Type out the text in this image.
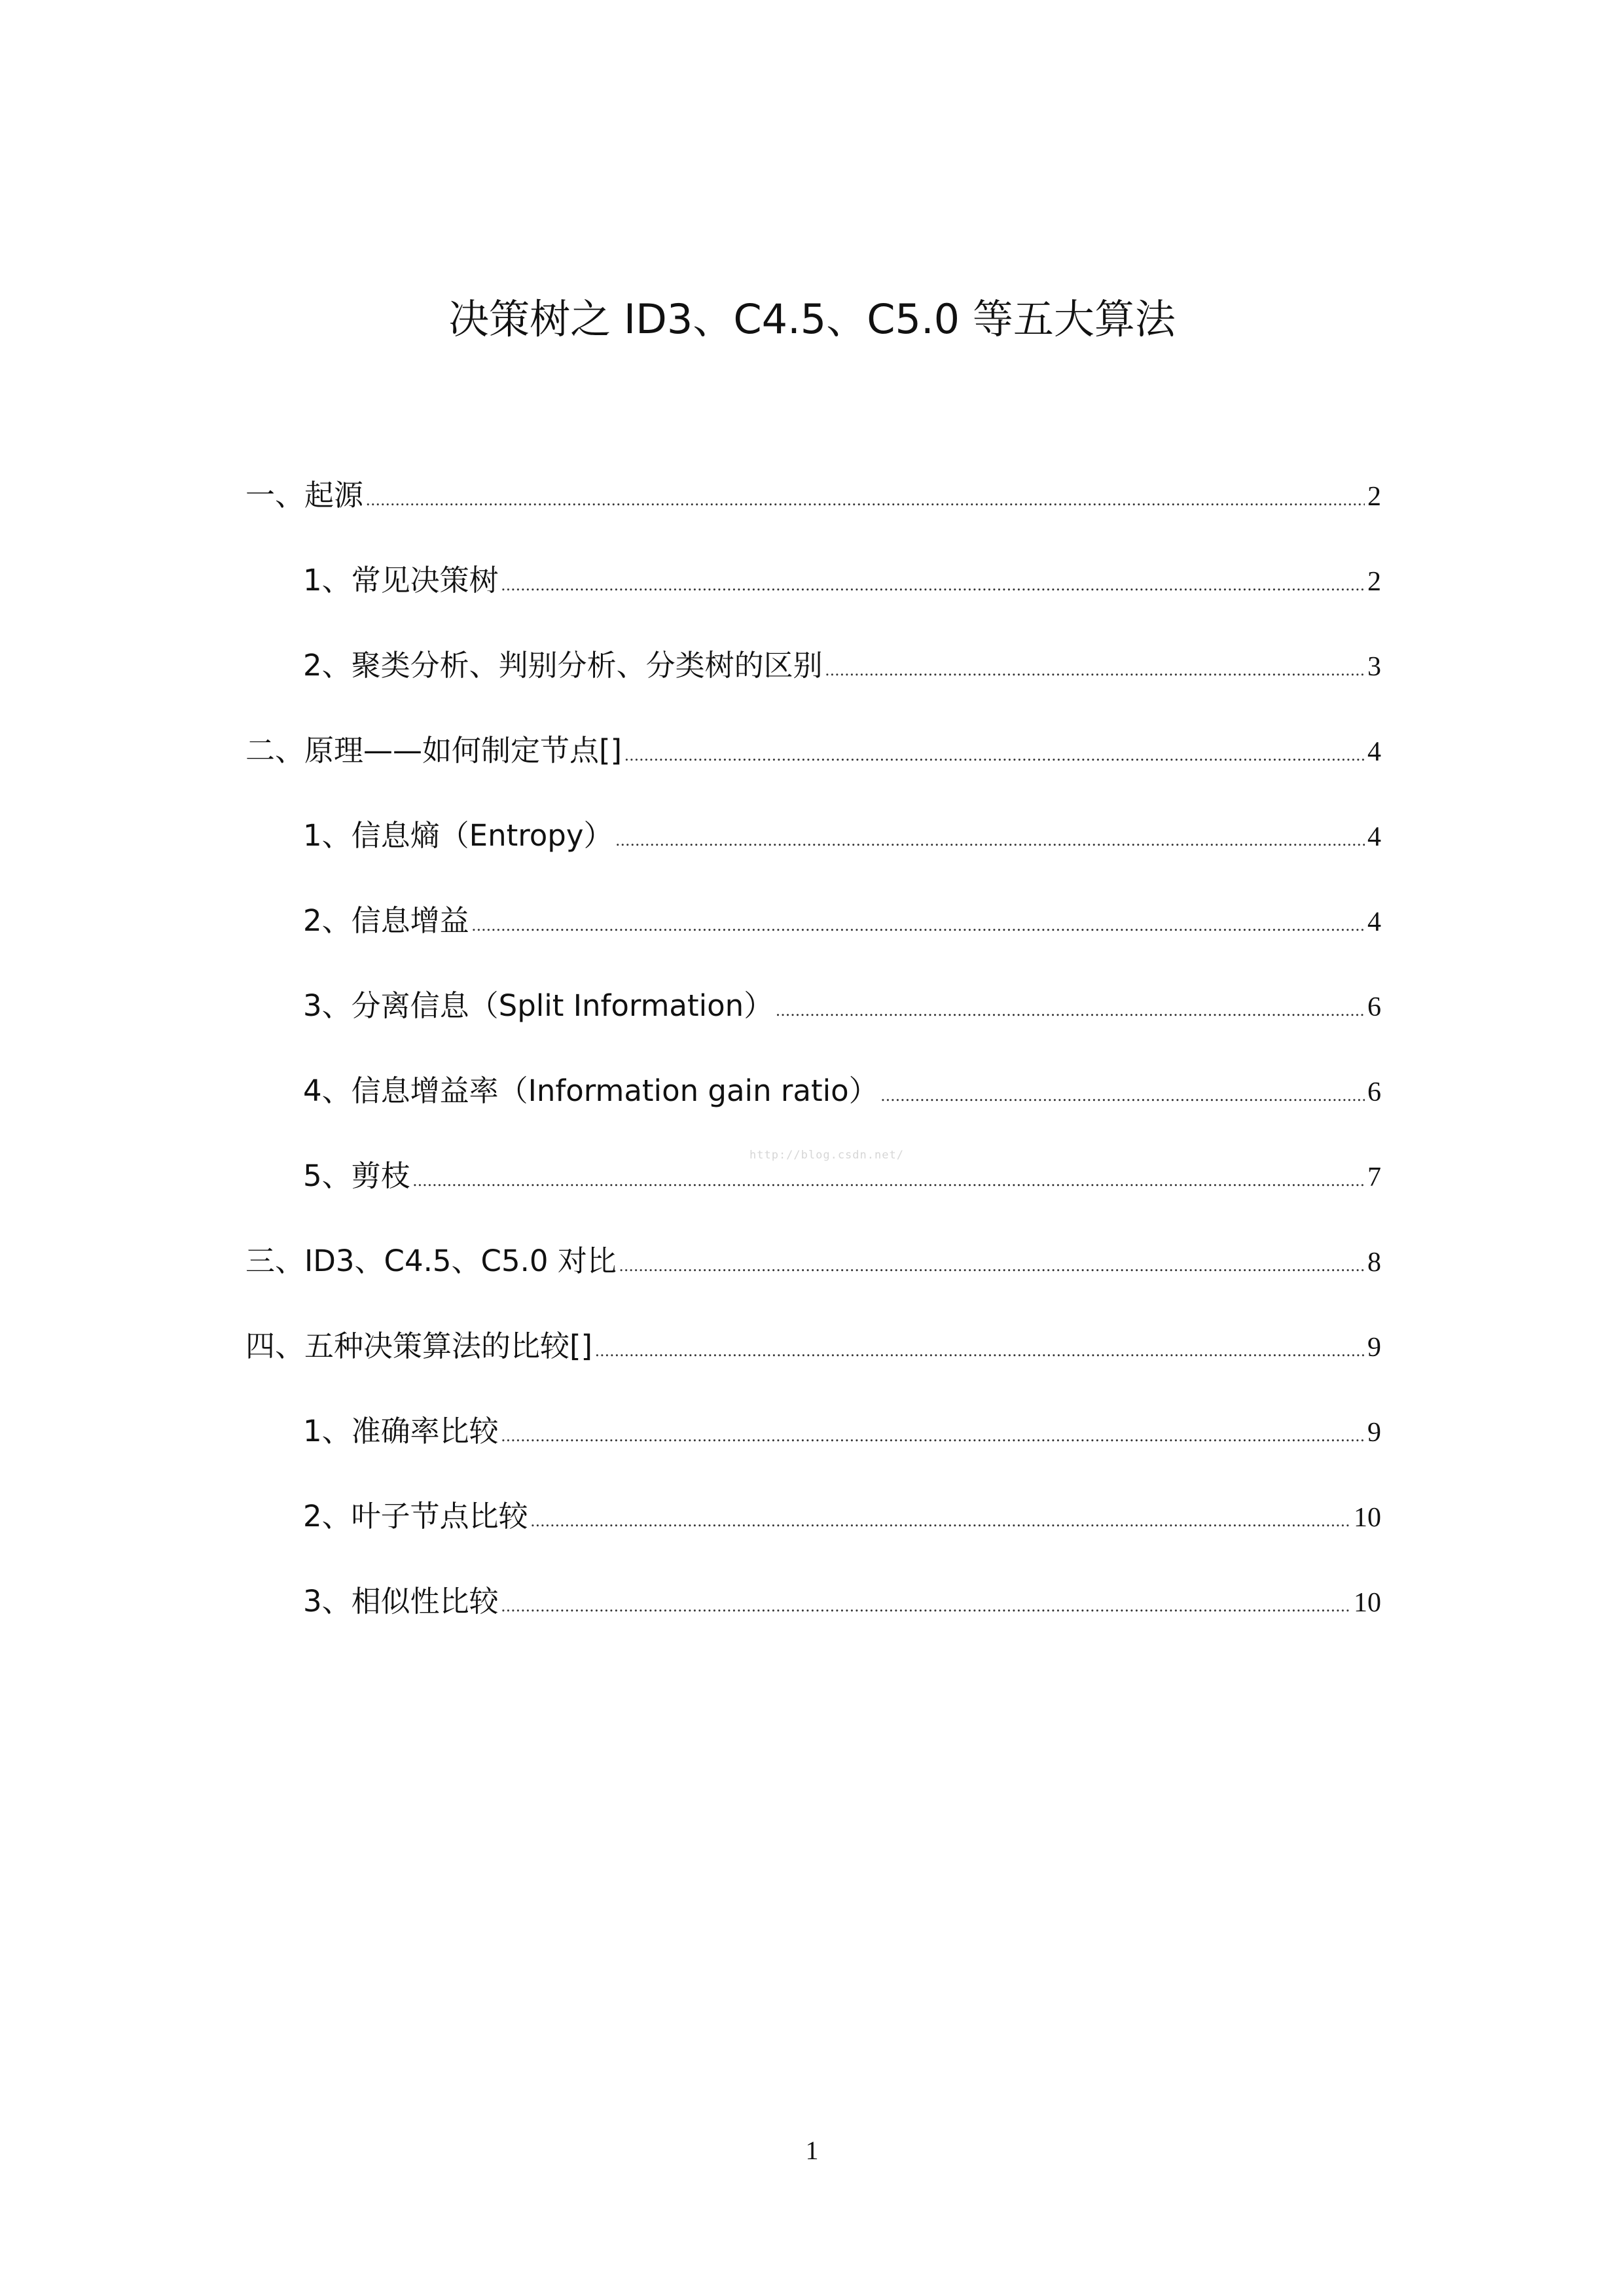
决策树之 ID3、C4.5、C5.0 等五大算法
一、起源 .....	2
1、常见决策树 .....	2
2、聚类分析、判别分析、分类树的区别 .....	3
二、原理——如何制定节点[] .....	4
1、信息熵（Entropy） .....	4
2、信息增益 .....	4
3、分离信息（Split Information） .....	6
4、信息增益率（Information gain ratio） .....	6
5、剪枝 .....	7
三、ID3、C4.5、C5.0 对比 .....	8
四、五种决策算法的比较[] .....	9
1、准确率比较 .....	9
2、叶子节点比较 .....	10
3、相似性比较 .....	10
http://blog.csdn.net/
1
